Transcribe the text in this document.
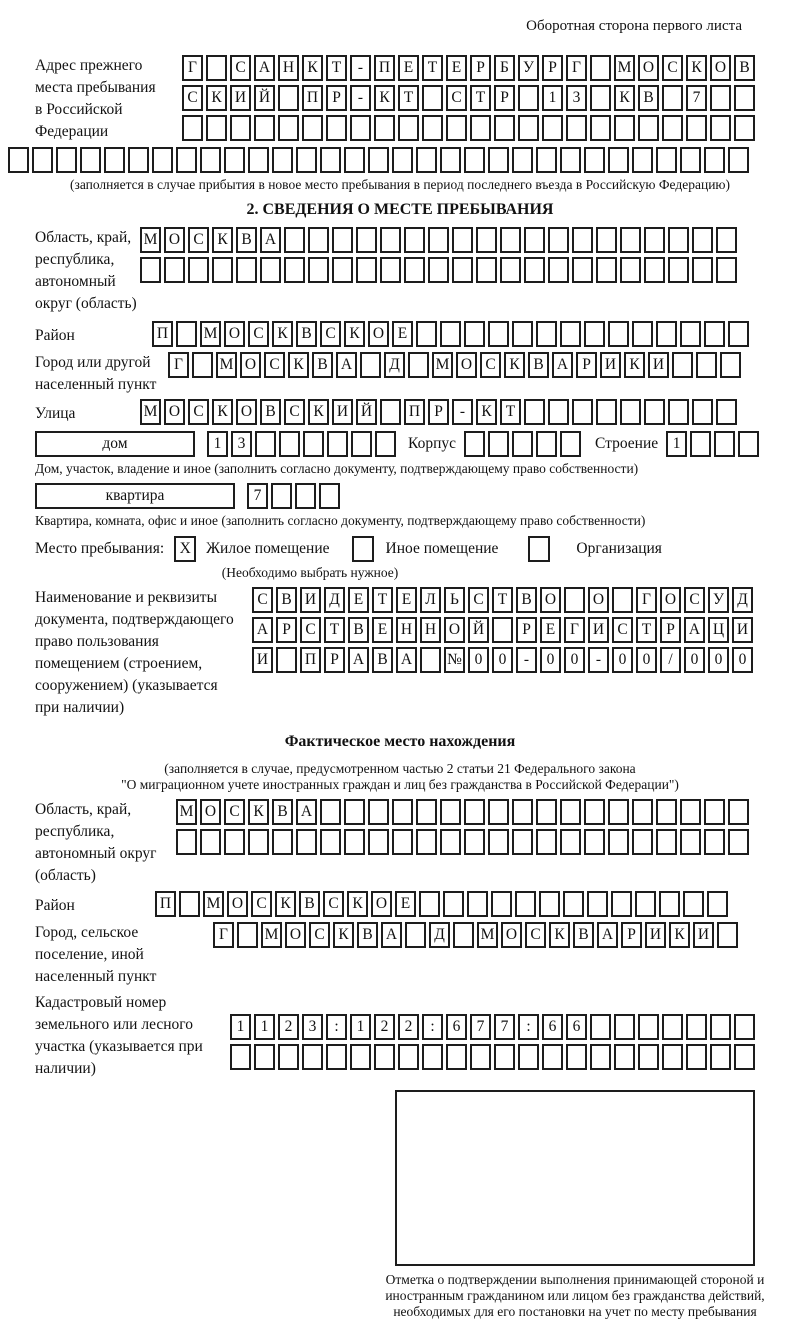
Оборотная сторона первого листа
Адрес прежнего места пребывания в Российской Федерации
Г	С А Н К Т	-	П Е Т Е Р Б У Р Г	М О С К О В
С К И Й	П Р	-	К Т	С Т Р	1	3	К В	7
(заполняется в случае прибытия в новое место пребывания в период последнего въезда в Российскую Федерацию)
2. СВЕДЕНИЯ О МЕСТЕ ПРЕБЫВАНИЯ
Область, край, республика, автономный округ (область)
М О С К В А
Район	П	М О С К В С К О Е
Город или другой населенный пункт
Г	М О С К В А	Д	М О С К В А Р И К И
Улица	М О С К О В С К И Й	П Р	-	К Т
дом	1	3	Корпус	Строение 1
Дом, участок, владение и иное (заполнить согласно документу, подтверждающему право собственности)
квартира	7
Квартира, комната, офис и иное (заполнить согласно документу, подтверждающему право собственности)
Место пребывания: X Жилое помещение	Иное помещение	Организация
(Необходимо выбрать нужное)
Наименование и реквизиты документа, подтверждающего право пользования помещением (строением, сооружением) (указывается при наличии)
С В И Д Е Т Е Л Ь С Т В О	О	Г О С У Д
А Р С Т В Е Н Н О Й	Р Е Г И С Т Р А Ц И
И	П Р А В А	№ 0	0	-	0	0	-	0	0	/	0	0	0
Фактическое место нахождения
(заполняется в случае, предусмотренном частью 2 статьи 21 Федерального закона
"О миграционном учете иностранных граждан и лиц без гражданства в Российской Федерации")
Область, край, республика, автономный округ (область)
М О С К В А
Район	П	М О С К В С К О Е
Город, сельское поселение, иной населенный пункт
Г	М О С К В А	Д	М О С К В А Р И К И
Кадастровый номер земельного или лесного участка (указывается при наличии)
1	1	2	3	:	1	2	2	:	6	7	7	:	6	6
Отметка о подтверждении выполнения принимающей стороной и иностранным гражданином или лицом без гражданства действий, необходимых для его постановки на учет по месту пребывания
